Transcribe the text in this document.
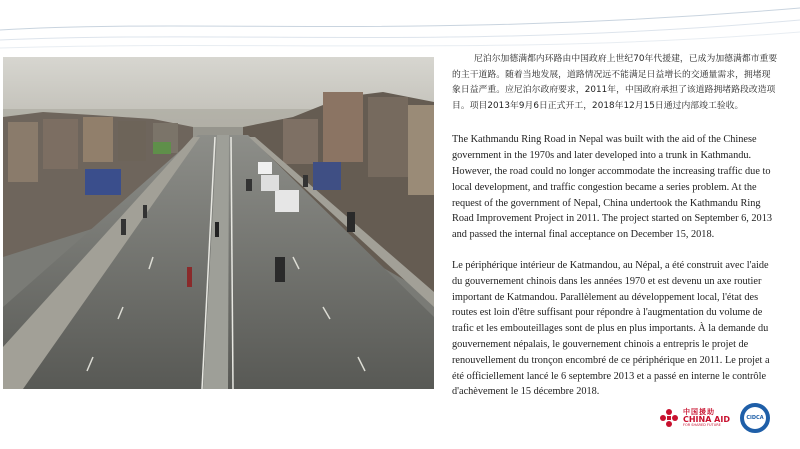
尼泊尔加德满都内环路由中国政府上世纪70年代援建，已成为加德满都市重要的主干道路。随着当地发展，道路情况远不能满足日益增长的交通量需求，拥堵现象日益严重。应尼泊尔政府要求，2011年，中国政府承担了该道路拥堵路段改造项目。项目2013年9月6日正式开工，2018年12月15日通过内部竣工验收。

The Kathmandu Ring Road in Nepal was built with the aid of the Chinese government in the 1970s and later developed into a trunk in Kathmandu. However, the road could no longer accommodate the increasing traffic due to local development, and traffic congestion became a series problem. At the request of the government of Nepal, China undertook the Kathmandu Ring Road Improvement Project in 2011. The project started on September 6, 2013 and passed the internal final acceptance on December 15, 2018.

Le périphérique intérieur de Katmandou, au Népal, a été construit avec l'aide du gouvernement chinois dans les années 1970 et est devenu un axe routier important de Katmandou. Parallèlement au développement local, l'état des routes est loin d'être suffisant pour répondre à l'augmentation du volume de trafic et les embouteillages sont de plus en plus importants. À la demande du gouvernement népalais, le gouvernement chinois a entrepris le projet de renouvellement du tronçon encombré de ce périphérique en 2011. Le projet a été officiellement lancé le 6 septembre 2013 et a passé en interne le contrôle d'achèvement le 15 décembre 2018.

中国援助
CHINA AID
FOR SHARED FUTURE
CIDCA
